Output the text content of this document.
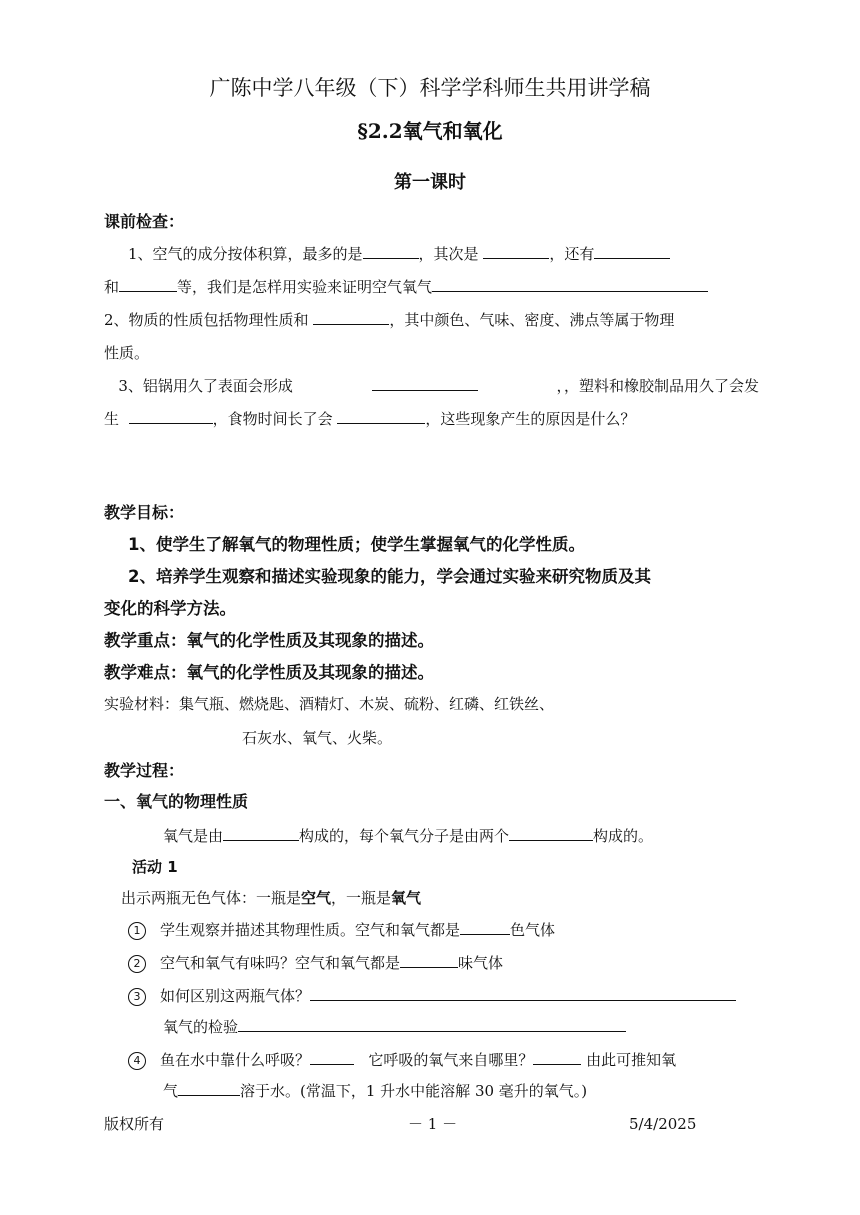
广陈中学八年级（下）科学学科师生共用讲学稿
§2.2氧气和氧化
第一课时
课前检查：
1、空气的成分按体积算，最多的是	，其次是	，还有
和	等，我们是怎样用实验来证明空气氧气
2、物质的性质包括物理性质和	，其中颜色、气味、密度、沸点等属于物理
性质。
3、铝锅用久了表面会形成	，，塑料和橡胶制品用久了会发
生	，食物时间长了会	，这些现象产生的原因是什么？
教学目标：
1、使学生了解氧气的物理性质；使学生掌握氧气的化学性质。
2、培养学生观察和描述实验现象的能力，学会通过实验来研究物质及其
变化的科学方法。
教学重点：氧气的化学性质及其现象的描述。
教学难点：氧气的化学性质及其现象的描述。
实验材料：集气瓶、燃烧匙、酒精灯、木炭、硫粉、红磷、红铁丝、
石灰水、氧气、火柴。
教学过程：
一、氧气的物理性质
氧气是由	构成的，每个氧气分子是由两个	构成的。
活动 1
出示两瓶无色气体：一瓶是空气，一瓶是氧气
1 学生观察并描述其物理性质。空气和氧气都是	色气体
2 空气和氧气有味吗？空气和氧气都是	味气体
3 如何区别这两瓶气体？
氧气的检验
4 鱼在水中靠什么呼吸？	它呼吸的氧气来自哪里？	由此可推知氧
气	溶于水。(常温下，1 升水中能溶解 30 毫升的氧气。)
版权所有	－ 1 －	5/4/2025
